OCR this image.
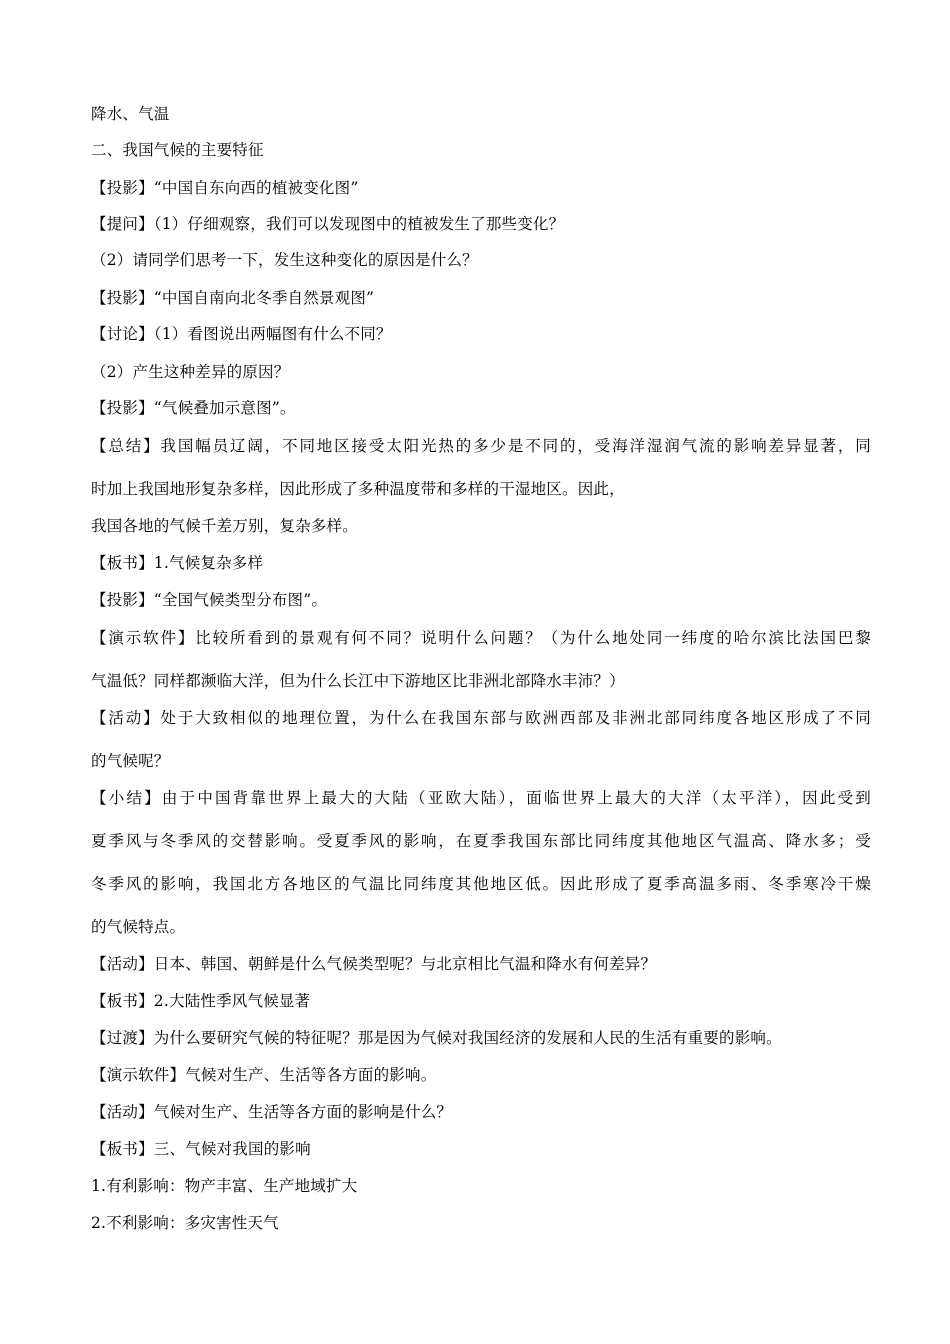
降水、气温
二、我国气候的主要特征
【投影】“中国自东向西的植被变化图”
【提问】（1）仔细观察，我们可以发现图中的植被发生了那些变化？
（2）请同学们思考一下，发生这种变化的原因是什么？
【投影】“中国自南向北冬季自然景观图”
【讨论】（1）看图说出两幅图有什么不同？
（2）产生这种差异的原因？
【投影】“气候叠加示意图”。
【总结】我国幅员辽阔，不同地区接受太阳光热的多少是不同的，受海洋湿润气流的影响差异显著，同
时加上我国地形复杂多样，因此形成了多种温度带和多样的干湿地区。因此，
我国各地的气候千差万别，复杂多样。
【板书】1.气候复杂多样
【投影】“全国气候类型分布图”。
【演示软件】比较所看到的景观有何不同？说明什么问题？（为什么地处同一纬度的哈尔滨比法国巴黎
气温低？同样都濒临大洋，但为什么长江中下游地区比非洲北部降水丰沛？）
【活动】处于大致相似的地理位置，为什么在我国东部与欧洲西部及非洲北部同纬度各地区形成了不同
的气候呢？
【小结】由于中国背靠世界上最大的大陆（亚欧大陆），面临世界上最大的大洋（太平洋），因此受到
夏季风与冬季风的交替影响。受夏季风的影响，在夏季我国东部比同纬度其他地区气温高、降水多；受
冬季风的影响，我国北方各地区的气温比同纬度其他地区低。因此形成了夏季高温多雨、冬季寒冷干燥
的气候特点。
【活动】日本、韩国、朝鲜是什么气候类型呢？与北京相比气温和降水有何差异？
【板书】2.大陆性季风气候显著
【过渡】为什么要研究气候的特征呢？那是因为气候对我国经济的发展和人民的生活有重要的影响。
【演示软件】气候对生产、生活等各方面的影响。
【活动】气候对生产、生活等各方面的影响是什么？
【板书】三、气候对我国的影响
1.有利影响：物产丰富、生产地域扩大
2.不利影响：多灾害性天气
